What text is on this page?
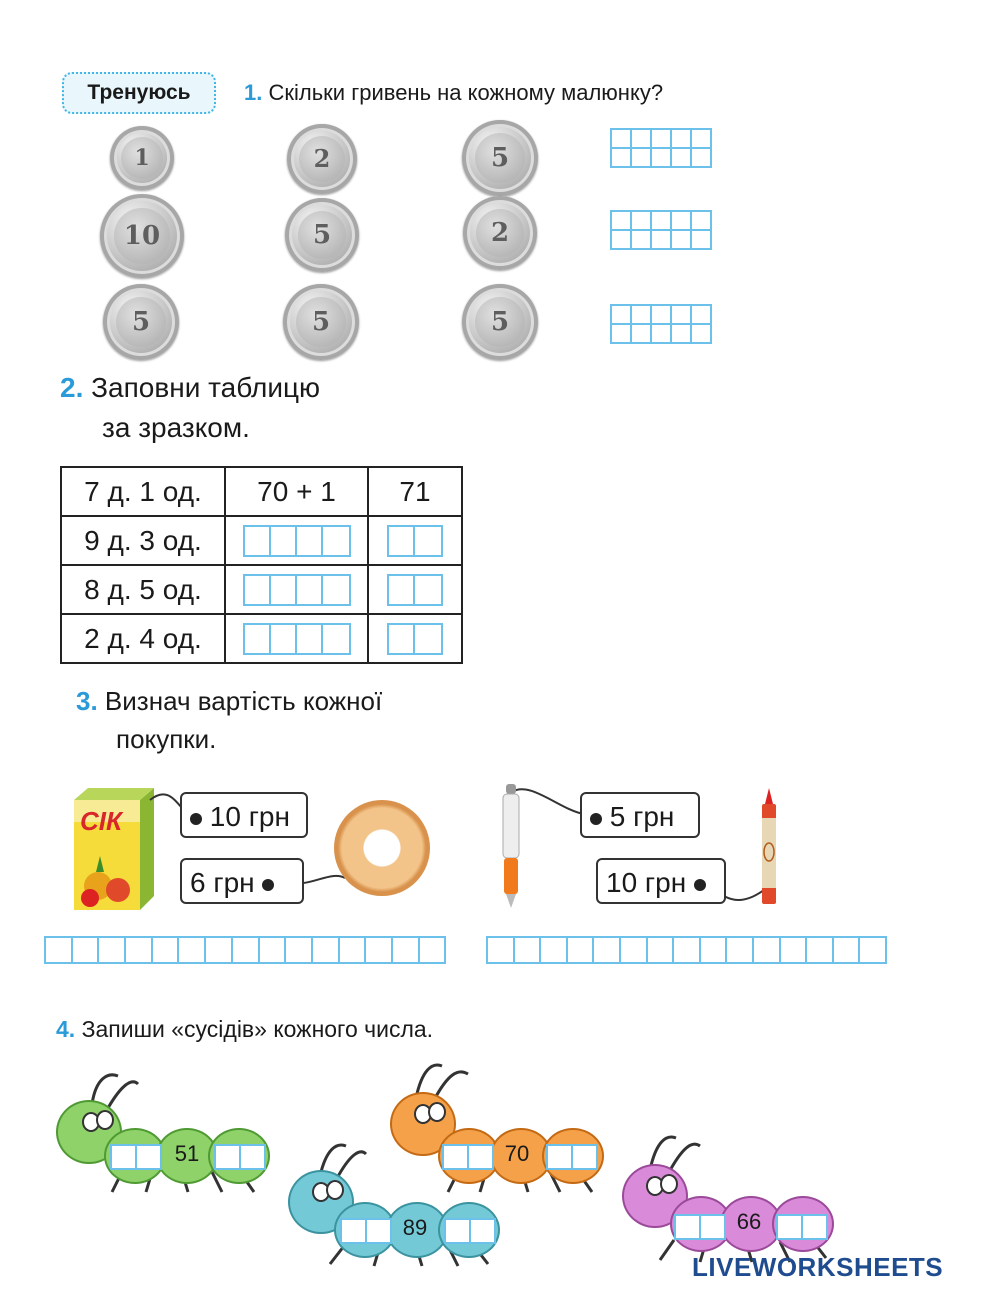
Тренуюсь	1. Скільки гривень на кожному малюнку?
1	2	5
10	5	2
5	5	5
2. Заповни таблицю
за зразком.
7 д. 1 од.	70 + 1	71
9 д. 3 од.	

8 д. 5 од.	

2 д. 4 од.	

3. Визнач вартість кожної
покупки.
СІК	10 грн
6 грн
5 грн
10 грн
4. Запиши «сусідів» кожного числа.
51
89
70
66
LIVEWORKSHEETS
